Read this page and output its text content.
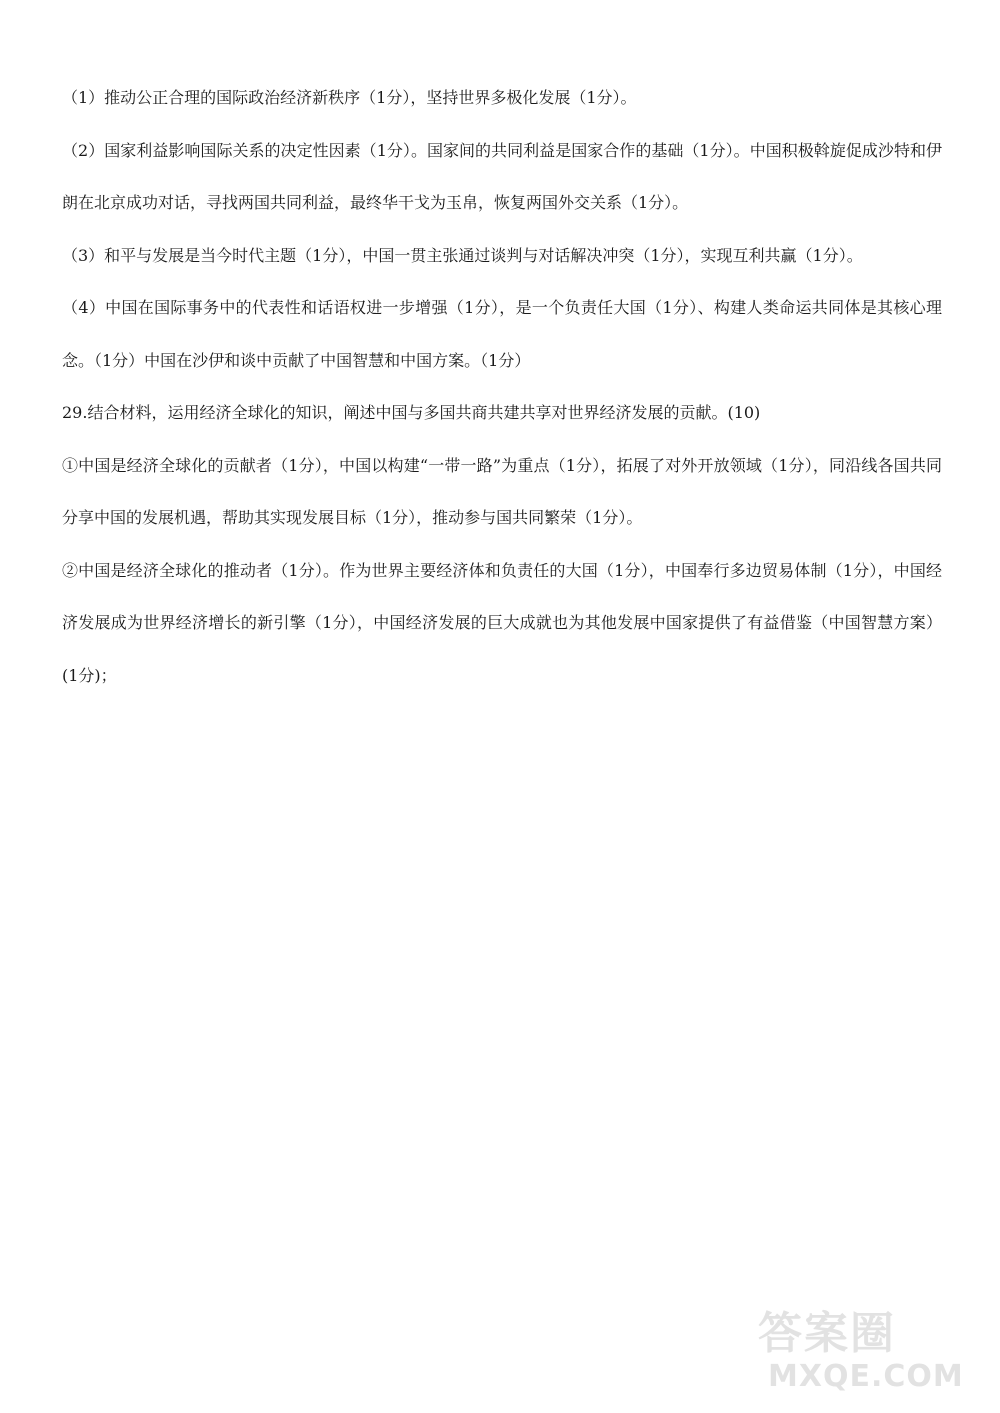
（1）推动公正合理的国际政治经济新秩序（1分），坚持世界多极化发展（1分）。

（2）国家利益影响国际关系的决定性因素（1分）。国家间的共同利益是国家合作的基础（1分）。中国积极斡旋促成沙特和伊朗在北京成功对话，寻找两国共同利益，最终华干戈为玉帛，恢复两国外交关系（1分）。

（3）和平与发展是当今时代主题（1分），中国一贯主张通过谈判与对话解决冲突（1分），实现互利共赢（1分）。

（4）中国在国际事务中的代表性和话语权进一步增强（1分），是一个负责任大国（1分）、构建人类命运共同体是其核心理念。（1分）中国在沙伊和谈中贡献了中国智慧和中国方案。（1分）

29.结合材料，运用经济全球化的知识，阐述中国与多国共商共建共享对世界经济发展的贡献。(10)

①中国是经济全球化的贡献者（1分），中国以构建“一带一路”为重点（1分），拓展了对外开放领域（1分），同沿线各国共同分享中国的发展机遇，帮助其实现发展目标（1分），推动参与国共同繁荣（1分）。

②中国是经济全球化的推动者（1分）。作为世界主要经济体和负责任的大国（1分），中国奉行多边贸易体制（1分），中国经济发展成为世界经济增长的新引擎（1分），中国经济发展的巨大成就也为其他发展中国家提供了有益借鉴（中国智慧方案）(1分)；

答案圈
MXQE.COM
